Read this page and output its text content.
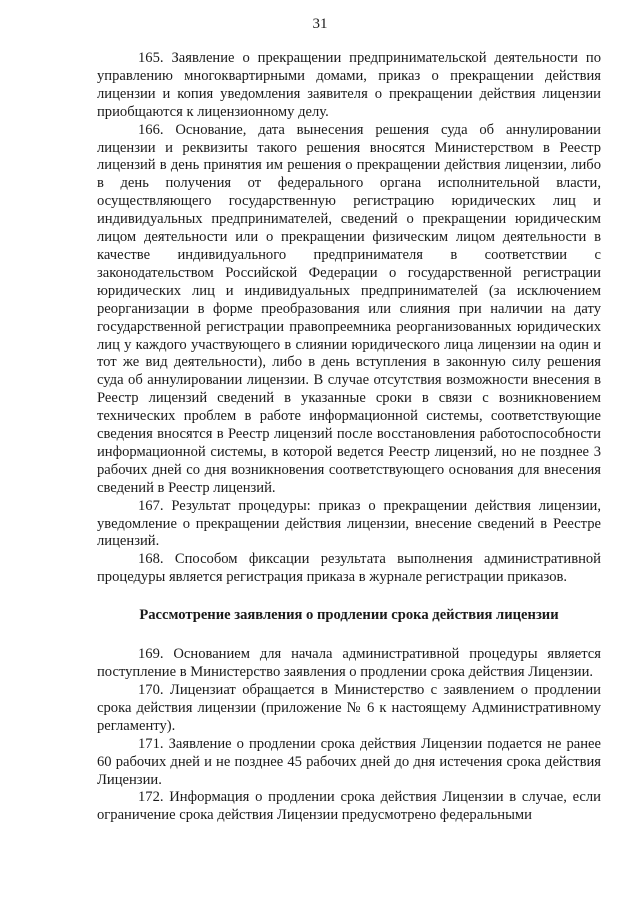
31

165. Заявление о прекращении предпринимательской деятельности по управлению многоквартирными домами, приказ о прекращении действия лицензии и копия уведомления заявителя о прекращении действия лицензии приобщаются к лицензионному делу.

166. Основание, дата вынесения решения суда об аннулировании лицензии и реквизиты такого решения вносятся Министерством в Реестр лицензий в день принятия им решения о прекращении действия лицензии, либо в день получения от федерального органа исполнительной власти, осуществляющего государственную регистрацию юридических лиц и индивидуальных предпринимателей, сведений о прекращении юридическим лицом деятельности или о прекращении физическим лицом деятельности в качестве индивидуального предпринимателя в соответствии с законодательством Российской Федерации о государственной регистрации юридических лиц и индивидуальных предпринимателей (за исключением реорганизации в форме преобразования или слияния при наличии на дату государственной регистрации правопреемника реорганизованных юридических лиц у каждого участвующего в слиянии юридического лица лицензии на один и тот же вид деятельности), либо в день вступления в законную силу решения суда об аннулировании лицензии. В случае отсутствия возможности внесения в Реестр лицензий сведений в указанные сроки в связи с возникновением технических проблем в работе информационной системы, соответствующие сведения вносятся в Реестр лицензий после восстановления работоспособности информационной системы, в которой ведется Реестр лицензий, но не позднее 3 рабочих дней со дня возникновения соответствующего основания для внесения сведений в Реестр лицензий.

167. Результат процедуры: приказ о прекращении действия лицензии, уведомление о прекращении действия лицензии, внесение сведений в Реестре лицензий.

168. Способом фиксации результата выполнения административной процедуры является регистрация приказа в журнале регистрации приказов.

Рассмотрение заявления о продлении срока действия лицензии

169. Основанием для начала административной процедуры является поступление в Министерство заявления о продлении срока действия Лицензии.

170. Лицензиат обращается в Министерство с заявлением о продлении срока действия лицензии (приложение № 6 к настоящему Административному регламенту).

171. Заявление о продлении срока действия Лицензии подается не ранее 60 рабочих дней и не позднее 45 рабочих дней до дня истечения срока действия Лицензии.

172. Информация о продлении срока действия Лицензии в случае, если ограничение срока действия Лицензии предусмотрено федеральными
